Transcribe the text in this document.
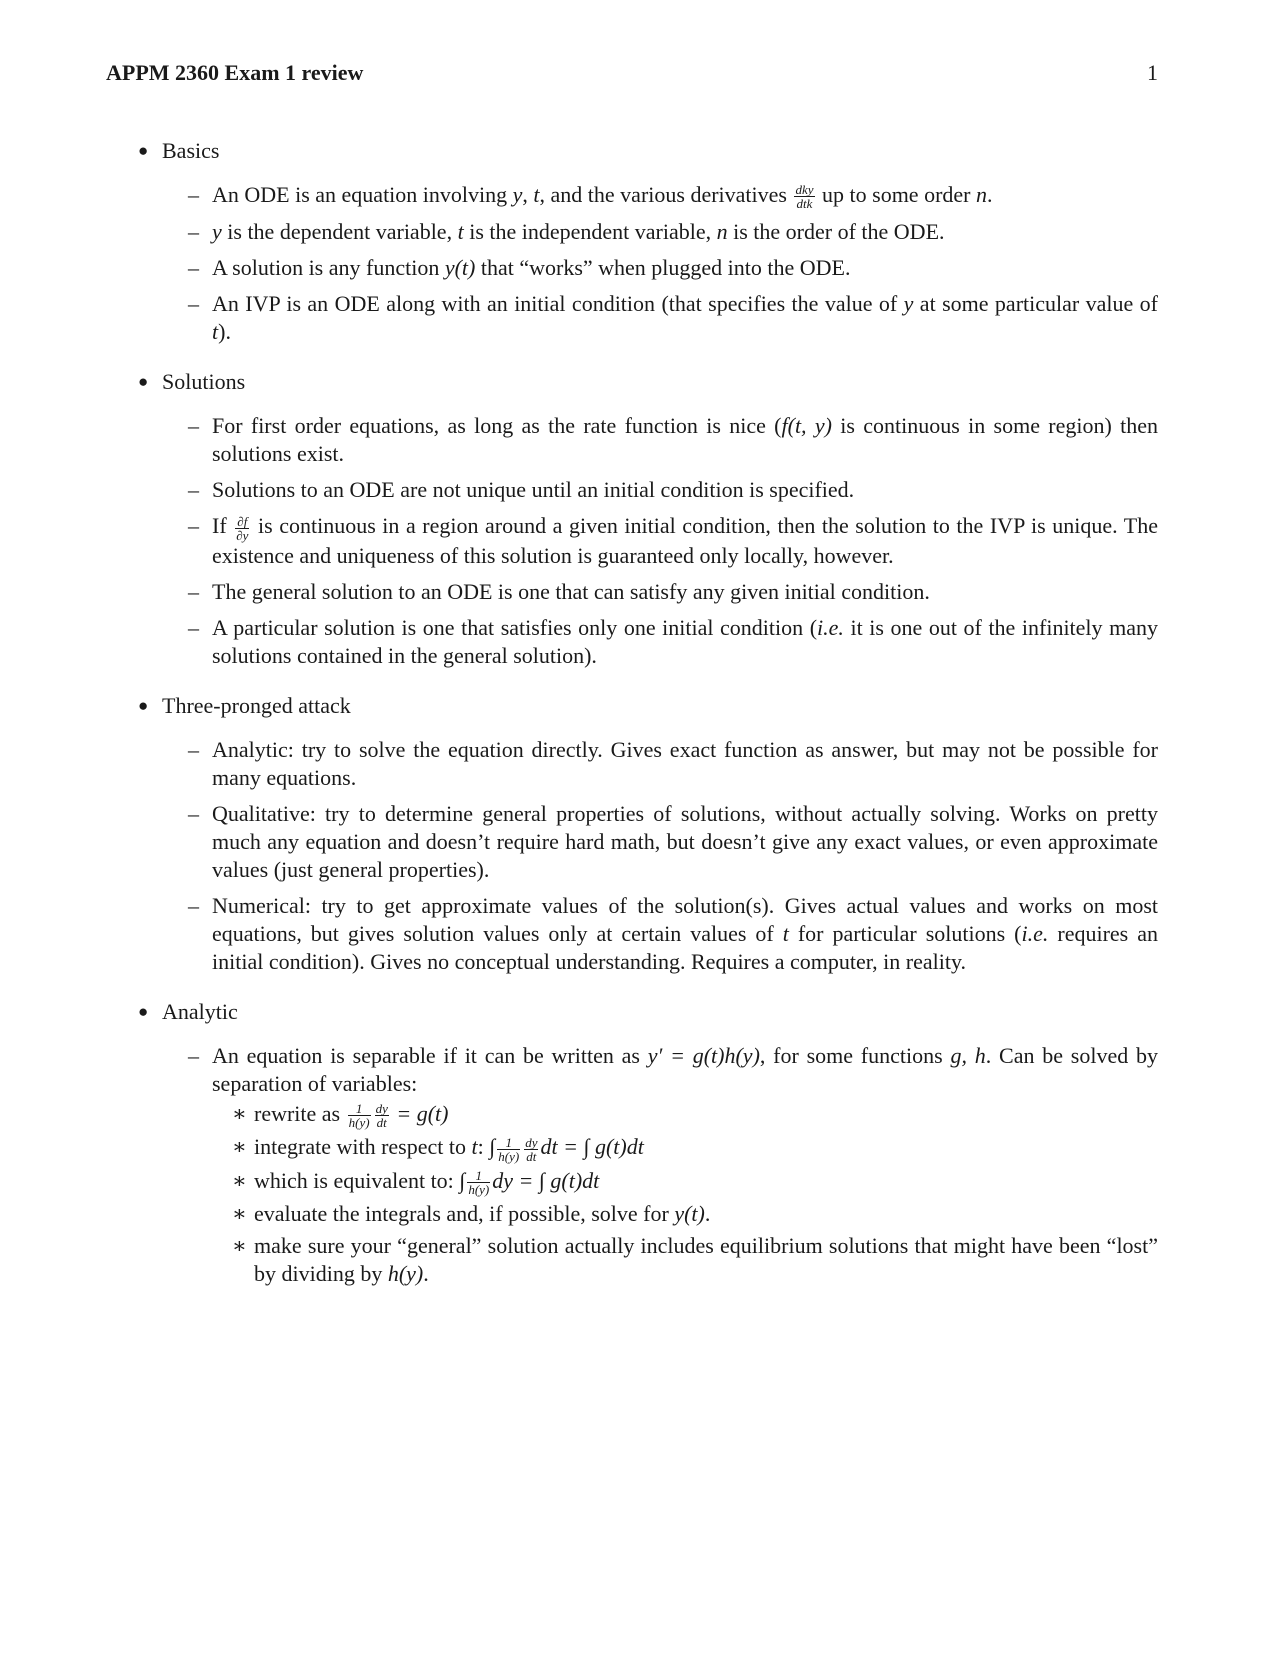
APPM 2360 Exam 1 review	1
● Basics
– An ODE is an equation involving y, t, and the various derivatives $\frac{\text{dky}}{\text{dtk}}$ up to some order n.
– y is the dependent variable, t is the independent variable, n is the order of the ODE.
– A solution is any function y(t) that “works” when plugged into the ODE.
– An IVP is an ODE along with an initial condition (that specifies the value of y at some particular value of t).
● Solutions
– For first order equations, as long as the rate function is nice (f(t, y) is continuous in some region) then solutions exist.
– Solutions to an ODE are not unique until an initial condition is specified.
– If $\frac{\partial f}{\partial y}$ is continuous in a region around a given initial condition, then the solution to the IVP is unique. The existence and uniqueness of this solution is guaranteed only locally, however.
– The general solution to an ODE is one that can satisfy any given initial condition.
– A particular solution is one that satisfies only one initial condition (i.e. it is one out of the infinitely many solutions contained in the general solution).
● Three-pronged attack
– Analytic: try to solve the equation directly. Gives exact function as answer, but may not be possible for many equations.
– Qualitative: try to determine general properties of solutions, without actually solving. Works on pretty much any equation and doesn’t require hard math, but doesn’t give any exact values, or even approximate values (just general properties).
– Numerical: try to get approximate values of the solution(s). Gives actual values and works on most equations, but gives solution values only at certain values of t for particular solutions (i.e. requires an initial condition). Gives no conceptual understanding. Requires a computer, in reality.
● Analytic
– An equation is separable if it can be written as y′ = g(t)h(y), for some functions g, h. Can be solved by separation of variables:
∗ rewrite as $\frac{1}{h(y)} \frac{dy}{dt} = g(t)$
∗ integrate with respect to t: ∫ $\frac{1}{h(y)} \frac{dy}{dt}$ dt = ∫ g(t)dt
∗ which is equivalent to: ∫ $\frac{1}{h(y)}$ dy = ∫ g(t)dt
∗ evaluate the integrals and, if possible, solve for y(t).
∗ make sure your “general” solution actually includes equilibrium solutions that might have been “lost” by dividing by h(y).
